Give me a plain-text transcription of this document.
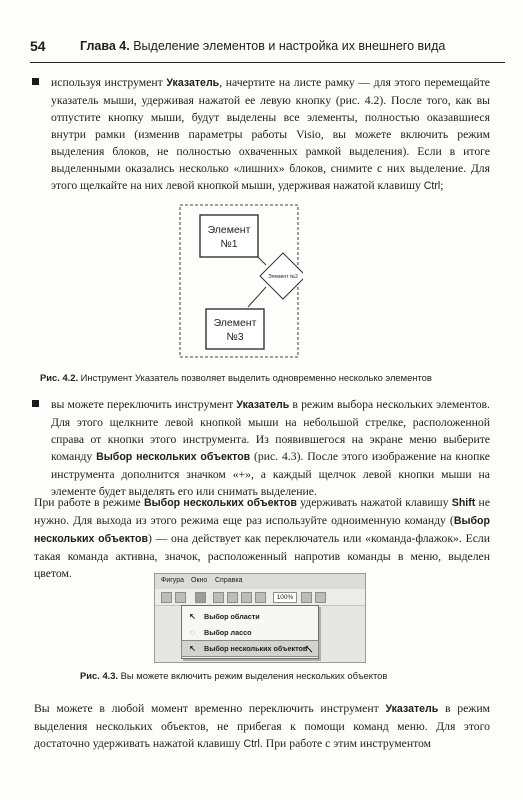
54	Глава 4. Выделение элементов и настройка их внешнего вида
используя инструмент Указатель, начертите на листе рамку — для этого перемещайте указатель мыши, удерживая нажатой ее левую кнопку (рис. 4.2). После того, как вы отпустите кнопку мыши, будут выделены все элементы, полностью оказавшиеся внутри рамки (изменив параметры работы Visio, вы можете включить режим выделения блоков, не полностью охваченных рамкой выделения). Если в итоге выделенными оказались несколько «лишних» блоков, снимите с них выделение. Для этого щелкайте на них левой кнопкой мыши, удерживая нажатой клавишу Ctrl;
Элемент
№1
Элемент №2
Элемент
№3
Рис. 4.2. Инструмент Указатель позволяет выделить одновременно несколько элементов
вы можете переключить инструмент Указатель в режим выбора нескольких элементов. Для этого щелкните левой кнопкой мыши на небольшой стрелке, расположенной справа от кнопки этого инструмента. Из появившегося на экране меню выберите команду Выбор нескольких объектов (рис. 4.3). После этого изображение на кнопке инструмента дополнится значком «+», а каждый щелчок левой кнопки мыши на элементе будет выделять его или снимать выделение.
При работе в режиме Выбор нескольких объектов удерживать нажатой клавишу Shift не нужно. Для выхода из этого режима еще раз используйте одноименную команду (Выбор нескольких объектов) — она действует как переключатель или «команда-флажок». Если такая команда активна, значок, расположенный напротив команды в меню, выделен цветом.
Фигура Окно Справка
100%
↖ Выбор области
◌ Выбор лассо
↖ Выбор нескольких объектов
↖
Рис. 4.3. Вы можете включить режим выделения нескольких объектов
Вы можете в любой момент временно переключить инструмент Указатель в режим выделения нескольких объектов, не прибегая к помощи команд меню. Для этого достаточно удерживать нажатой клавишу Ctrl. При работе с этим инструментом
